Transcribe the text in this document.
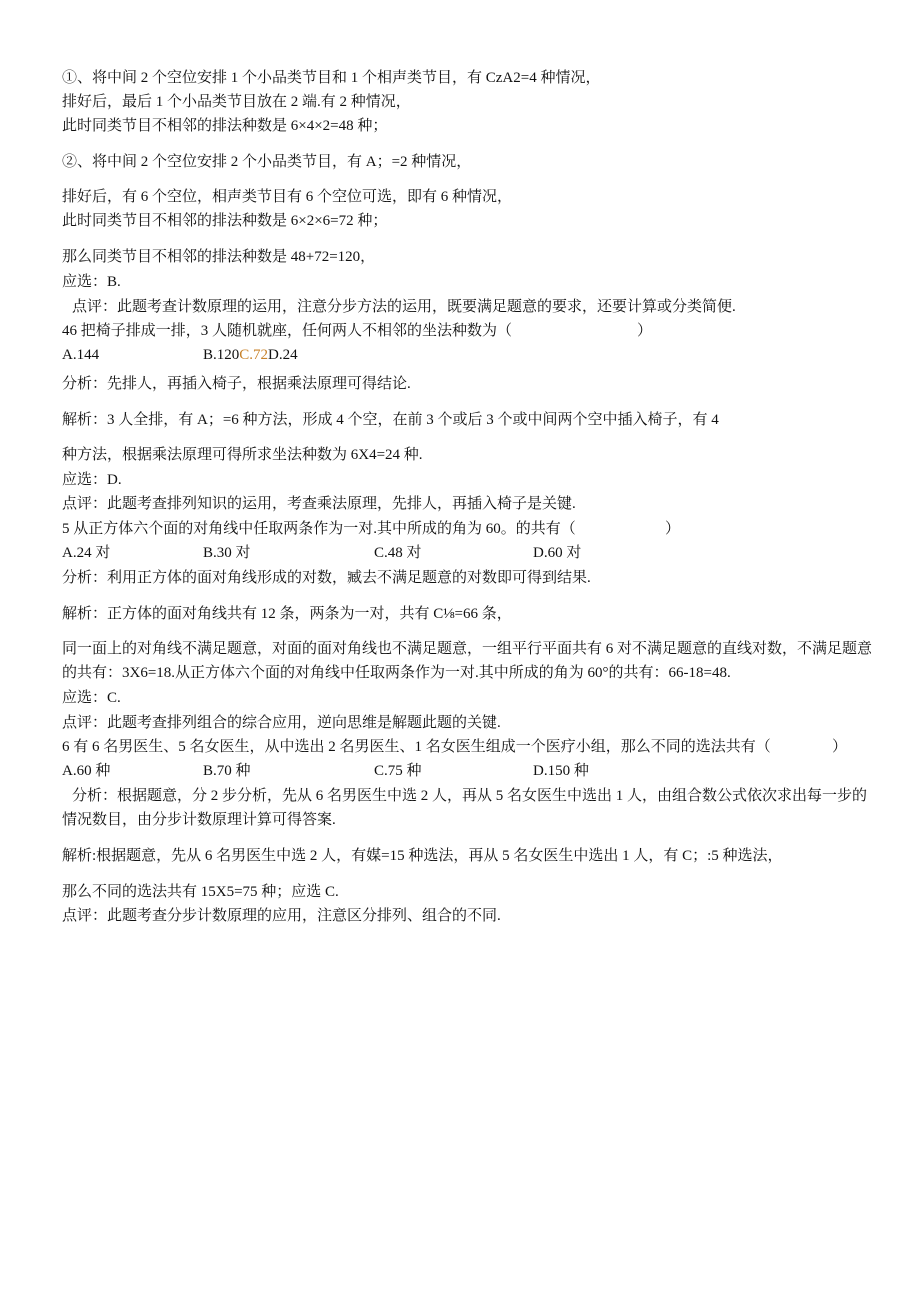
①、将中间 2 个空位安排 1 个小品类节目和 1 个相声类节目，有 CzA2=4 种情况，
排好后，最后 1 个小品类节目放在 2 端.有 2 种情况，
此时同类节目不相邻的排法种数是 6×4×2=48 种；
②、将中间 2 个空位安排 2 个小品类节目，有 A；=2 种情况，
排好后，有 6 个空位，相声类节目有 6 个空位可选，即有 6 种情况，
此时同类节目不相邻的排法种数是 6×2×6=72 种；
那么同类节目不相邻的排法种数是 48+72=120，
应选：B.
点评：此题考查计数原理的运用，注意分步方法的运用，既要满足题意的要求，还要计算或分类简便.
46 把椅子排成一排，3 人随机就座，任何两人不相邻的坐法种数为（	）
A.144	B.120C.72D.24
分析：先排人，再插入椅子，根据乘法原理可得结论.
解析：3 人全排，有 A；=6 种方法，形成 4 个空，在前 3 个或后 3 个或中间两个空中插入椅子，有 4
种方法，根据乘法原理可得所求坐法种数为 6X4=24 种.
应选：D.
点评：此题考查排列知识的运用，考查乘法原理，先排人，再插入椅子是关键.
5 从正方体六个面的对角线中任取两条作为一对.其中所成的角为 60。的共有（	）
A.24 对	B.30 对	C.48 对	D.60 对
分析：利用正方体的面对角线形成的对数，臧去不满足题意的对数即可得到结果.
解析：正方体的面对角线共有 12 条，两条为一对，共有 C⅛=66 条，
同一面上的对角线不满足题意，对面的面对角线也不满足题意，一组平行平面共有 6 对不满足题意的直线对数，不满足题意
的共有：3X6=18.从正方体六个面的对角线中任取两条作为一对.其中所成的角为 60°的共有：66-18=48.
应选：C.
点评：此题考查排列组合的综合应用，逆向思维是解题此题的关键.
6 有 6 名男医生、5 名女医生，从中选出 2 名男医生、1 名女医生组成一个医疗小组，那么不同的选法共有（	）
A.60 种	B.70 种	C.75 种	D.150 种
分析：根据题意，分 2 步分析，先从 6 名男医生中选 2 人，再从 5 名女医生中选出 1 人，由组合数公式依次求出每一步的
情况数目，由分步计数原理计算可得答案.
解析:根据题意，先从 6 名男医生中选 2 人，有媒=15 种选法，再从 5 名女医生中选出 1 人，有 C；:5 种选法，
那么不同的选法共有 15X5=75 种；应选 C.
点评：此题考查分步计数原理的应用，注意区分排列、组合的不同.
